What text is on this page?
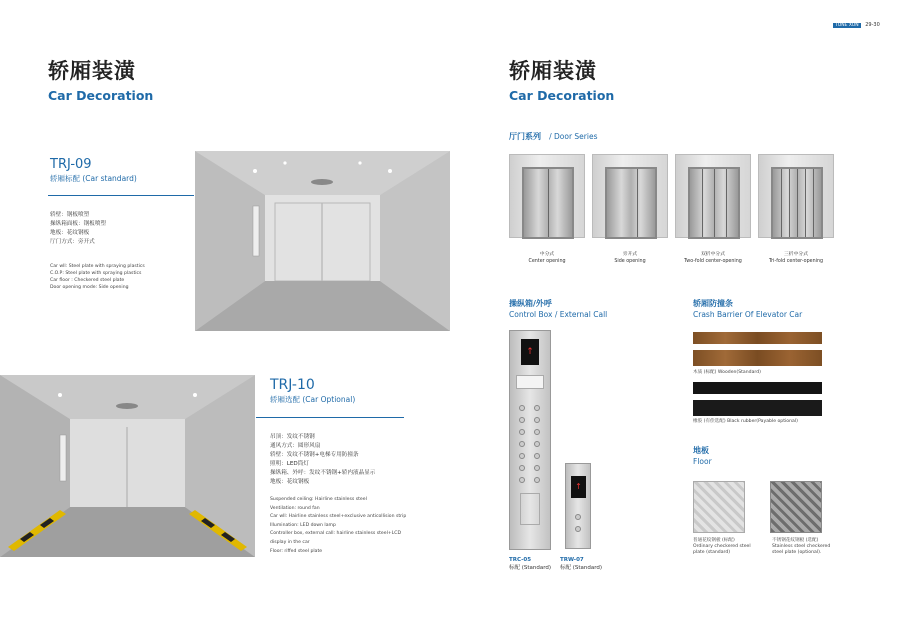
TONE XON 29-30
轿厢装潢
Car Decoration
TRJ-09
轿厢标配 (Car standard)
轿壁：钢板喷塑
操纵箱面板：钢板喷塑
地板：花纹钢板
厅门方式：旁开式
Car wll: Steel plate with spraying plastics
C.O.P: Steel plate with spraying plastics
Car floor : Checkered steel plate
Door opening mode: Side opening
TRJ-10
轿厢选配 (Car Optional)
吊顶：发纹不锈钢
通风方式：圆形风扇
轿壁：发纹不锈钢+电梯专用防撞条
照明：LED筒灯
操纵箱、外呼：发纹不锈钢+轿内液晶显示
地板：花纹钢板
Suspended ceiling: Hairline stainless steel
Ventilation: round fan
Car wll: Hairline stainless steel+exclusive anticollision strip
Illumination: LED down lamp
Controller box, external call: hairline stainless steel+LCD
display in the car
Floor: riffed steel plate
轿厢装潢
Car Decoration
厅门系列 / Door Series
中分式
Center opening
旁开式
Side opening
双折中分式
Two-fold center-opening
三折中分式
Tri-fold center-opening
操纵箱/外呼
Control Box / External Call
↑
↑
TRC-05
标配 (Standard)
TRW-07
标配 (Standard)
轿厢防撞条
Crash Barrier Of Elevator Car
木质 (标配) Wooden(Standard)
橡胶 (有偿选配) Black rubber(Payable optional)
地板
Floor
普通花纹钢板 (标配)
Ordinary checkered steel
plate (standard)
不锈钢花纹钢板 (选配)
Stainless steel checkered
steel plate (optional).
